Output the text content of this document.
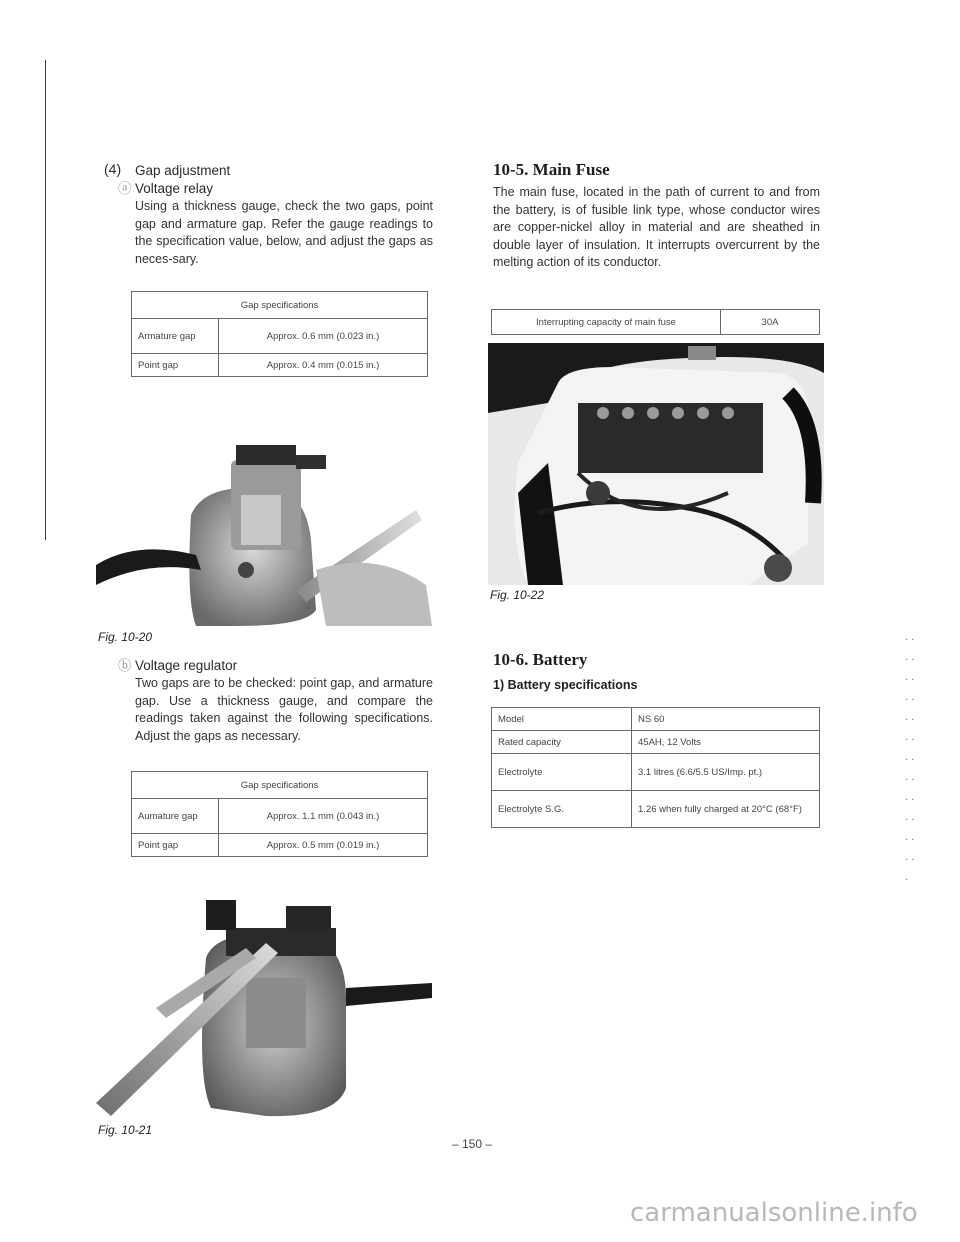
(4) Gap adjustment
ⓐ Voltage relay
Using a thickness gauge, check the two gaps, point gap and armature gap. Refer the gauge readings to the specification value, below, and adjust the gaps as neces-sary.
Gap specifications	
Armature gap	Approx. 0.6 mm (0.023 in.)
Point gap	Approx. 0.4 mm (0.015 in.)
Fig. 10-20
ⓑ Voltage regulator
Two gaps are to be checked: point gap, and armature gap. Use a thickness gauge, and compare the readings taken against the following specifications. Adjust the gaps as necessary.
Gap specifications	
Aumature gap	Approx. 1.1 mm (0.043 in.)
Point gap	Approx. 0.5 mm (0.019 in.)
Fig. 10-21
10-5. Main Fuse
The main fuse, located in the path of current to and from the battery, is of fusible link type, whose conductor wires are copper-nickel alloy in material and are sheathed in double layer of insulation. It interrupts overcurrent by the melting action of its conductor.
Interrupting capacity of main fuse	30A
Fig. 10-22
10-6. Battery
1) Battery specifications
Model	NS 60
Rated capacity	45AH, 12 Volts
Electrolyte	3.1 litres (6.6/5.5 US/Imp. pt.)
Electrolyte S.G.	1.26 when fully charged at 20°C (68°F)
· · · · · · · · · · · · · · · · · · · · · · · · ·
– 150 –
carmanualsonline.info
